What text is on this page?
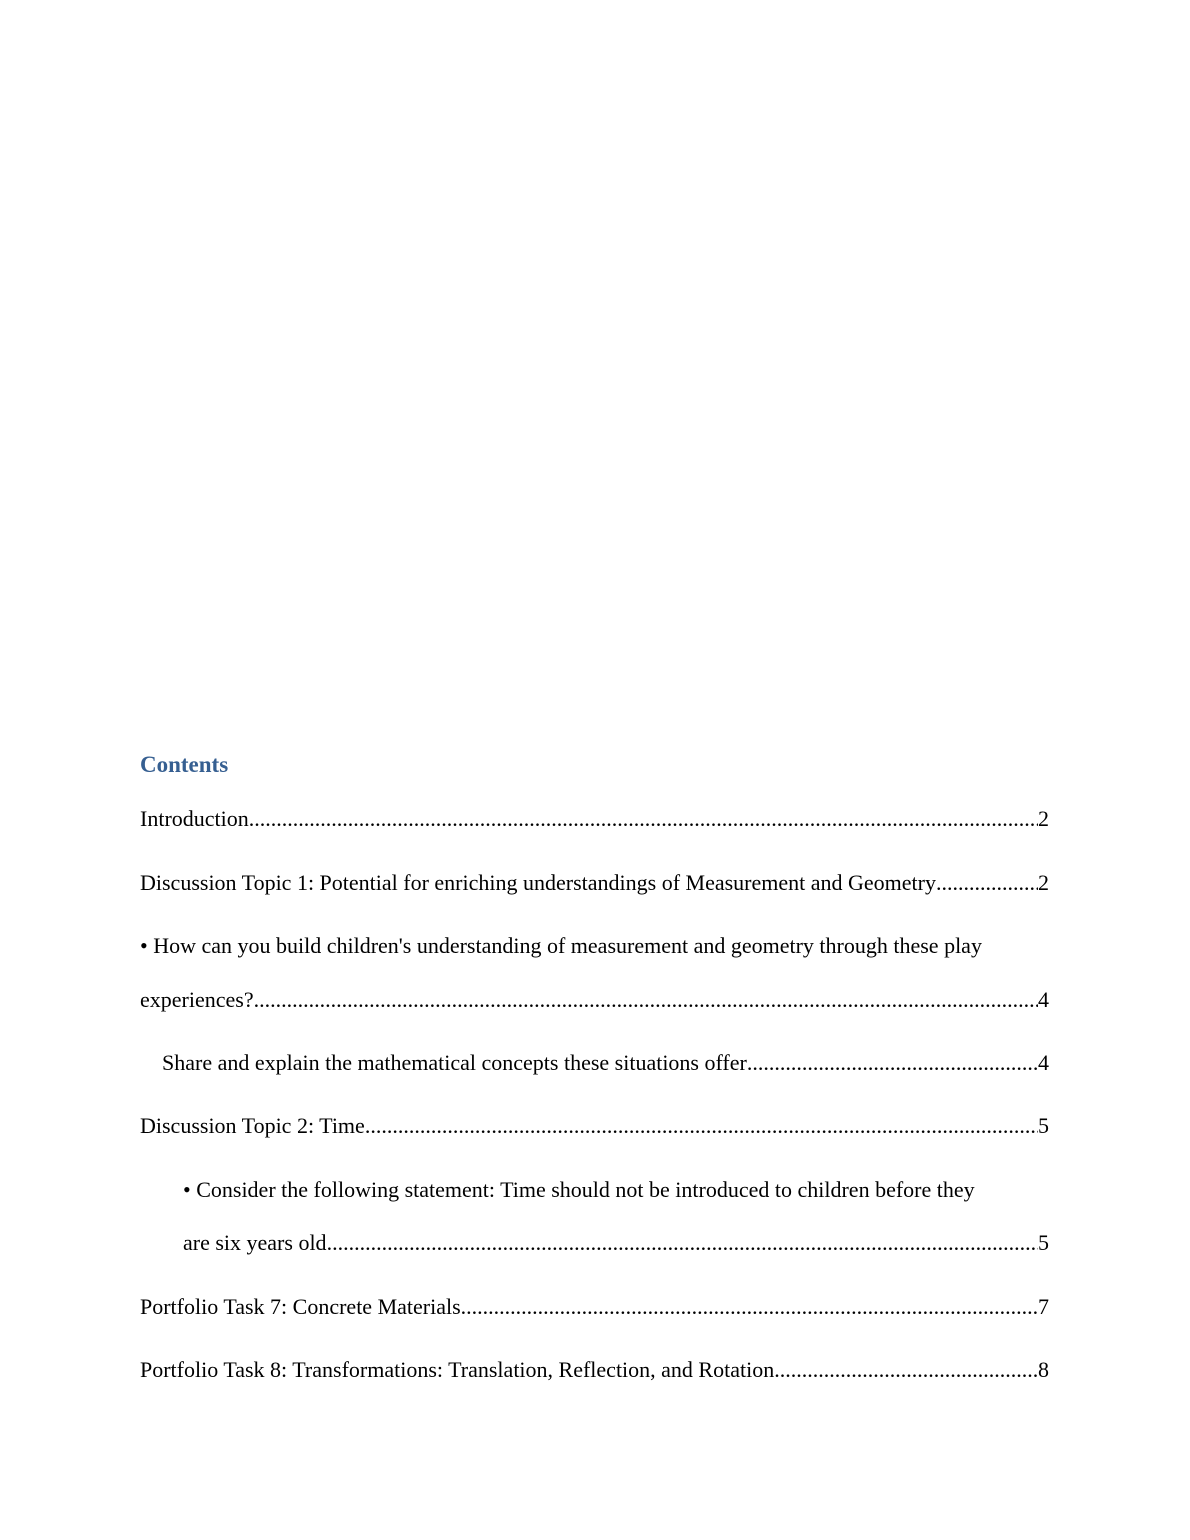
Contents
Introduction .....	2
Discussion Topic 1: Potential for enriching understandings of Measurement and Geometry .....	2
• How can you build children's understanding of measurement and geometry through these play
experiences? .....	4
Share and explain the mathematical concepts these situations offer .....	4
Discussion Topic 2: Time .....	5
• Consider the following statement: Time should not be introduced to children before they
are six years old .....	5
Portfolio Task 7: Concrete Materials .....	7
Portfolio Task 8: Transformations: Translation, Reflection, and Rotation .....	8
